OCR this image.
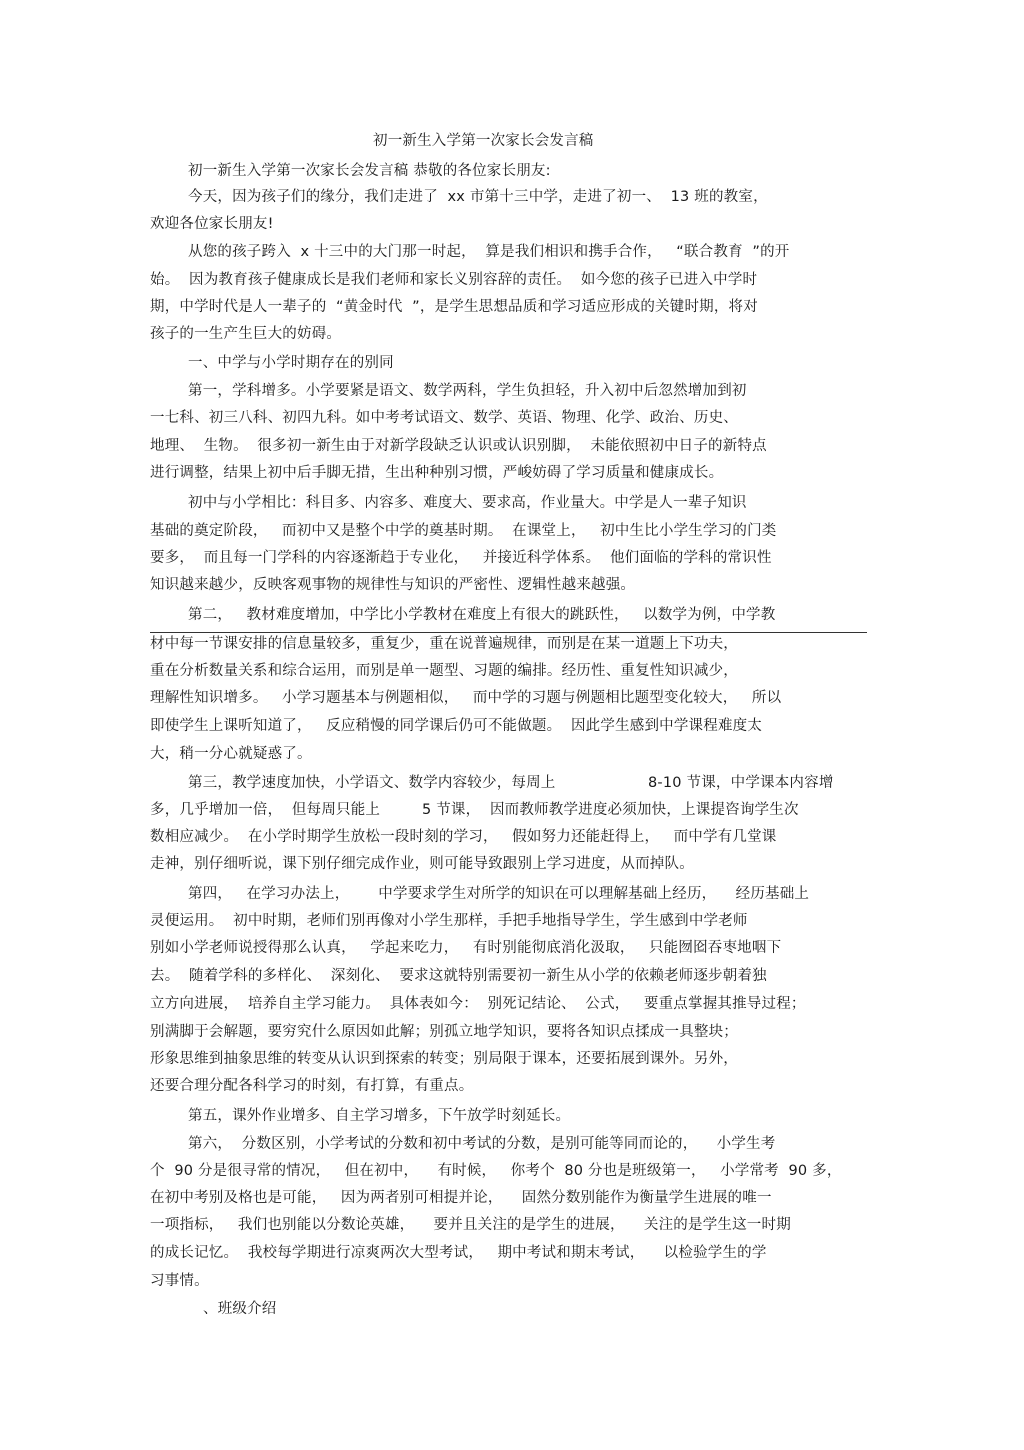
初一新生入学第一次家长会发言稿
初一新生入学第一次家长会发言稿 恭敬的各位家长朋友:
今天，因为孩子们的缘分，我们走进了  xx 市第十三中学，走进了初一、  13 班的教室，
欢迎各位家长朋友!
从您的孩子跨入  x 十三中的大门那一时起，  算是我们相识和携手合作，   “联合教育  ”的开
始。  因为教育孩子健康成长是我们老师和家长义别容辞的责任。  如今您的孩子已进入中学时
期，中学时代是人一辈子的  “黄金时代  ”，是学生思想品质和学习适应形成的关键时期，将对
孩子的一生产生巨大的妨碍。
一、中学与小学时期存在的别同
第一，学科增多。小学要紧是语文、数学两科，学生负担轻，升入初中后忽然增加到初
一七科、初三八科、初四九科。如中考考试语文、数学、英语、物理、化学、政治、历史、
地理、  生物。  很多初一新生由于对新学段缺乏认识或认识别脚，  未能依照初中日子的新特点
进行调整，结果上初中后手脚无措，生出种种别习惯，严峻妨碍了学习质量和健康成长。
初中与小学相比：科目多、内容多、难度大、要求高，作业量大。中学是人一辈子知识
基础的奠定阶段，   而初中又是整个中学的奠基时期。  在课堂上，   初中生比小学生学习的门类
要多，  而且每一门学科的内容逐渐趋于专业化，   并接近科学体系。  他们面临的学科的常识性
知识越来越少，反映客观事物的规律性与知识的严密性、逻辑性越来越强。
第二，   教材难度增加，中学比小学教材在难度上有很大的跳跃性，   以数学为例，中学教
材中每一节课安排的信息量较多，重复少，重在说普遍规律，而别是在某一道题上下功夫，
重在分析数量关系和综合运用，而别是单一题型、习题的编排。经历性、重复性知识减少，
理解性知识增多。   小学习题基本与例题相似，   而中学的习题与例题相比题型变化较大，   所以
即使学生上课听知道了，   反应稍慢的同学课后仍可不能做题。  因此学生感到中学课程难度太
大，稍一分心就疑惑了。
第三，教学速度加快，小学语文、数学内容较少，每周上	8-10 节课，中学课本内容增
多，几乎增加一倍，  但每周只能上	5 节课，  因而教师教学进度必须加快，上课提咨询学生次
数相应减少。  在小学时期学生放松一段时刻的学习，   假如努力还能赶得上，   而中学有几堂课
走神，别仔细听说，课下别仔细完成作业，则可能导致跟别上学习进度，从而掉队。
第四，   在学习办法上，      中学要求学生对所学的知识在可以理解基础上经历，    经历基础上
灵便运用。  初中时期，老师们别再像对小学生那样，手把手地指导学生，学生感到中学老师
别如小学老师说授得那么认真，   学起来吃力，   有时别能彻底消化汲取，   只能囫囵吞枣地咽下
去。  随着学科的多样化、  深刻化、  要求这就特别需要初一新生从小学的依赖老师逐步朝着独
立方向进展，  培养自主学习能力。  具体表如今：  别死记结论、  公式，   要重点掌握其推导过程；
别满脚于会解题，要穷究什么原因如此解；别孤立地学知识，要将各知识点揉成一具整块；
形象思维到抽象思维的转变从认识到探索的转变；别局限于课本，还要拓展到课外。另外，
还要合理分配各科学习的时刻，有打算，有重点。
第五，课外作业增多、自主学习增多，下午放学时刻延长。
第六，  分数区别，小学考试的分数和初中考试的分数，是别可能等同而论的，    小学生考
个  90 分是很寻常的情况，   但在初中，    有时候，   你考个  80 分也是班级第一，   小学常考  90 多，
在初中考别及格也是可能，   因为两者别可相提并论，    固然分数别能作为衡量学生进展的唯一
一项指标，   我们也别能以分数论英雄，    要并且关注的是学生的进展，    关注的是学生这一时期
的成长记忆。  我校每学期进行凉爽两次大型考试，   期中考试和期末考试，    以检验学生的学
习事情。
、班级介绍
